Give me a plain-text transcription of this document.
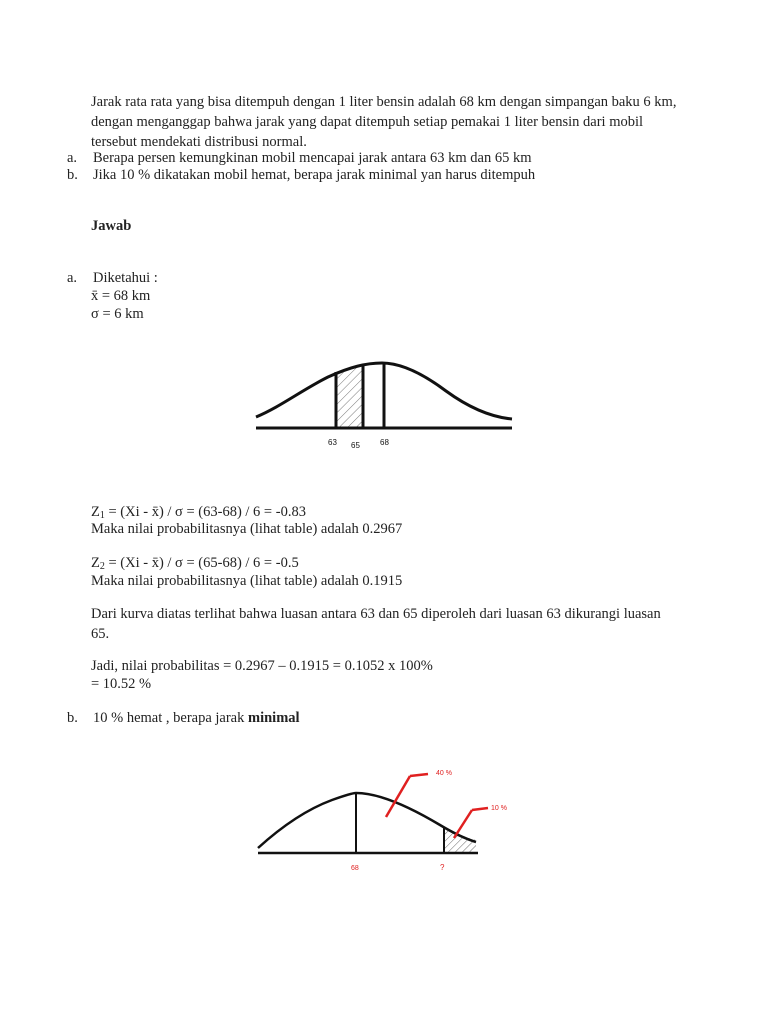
Jarak rata rata yang bisa ditempuh dengan 1 liter bensin adalah 68 km dengan simpangan baku 6 km, dengan menganggap bahwa jarak yang dapat ditempuh setiap pemakai 1 liter bensin dari mobil tersebut mendekati distribusi normal.
a. Berapa persen kemungkinan mobil mencapai jarak antara 63 km dan 65 km
b. Jika 10 % dikatakan mobil hemat, berapa jarak minimal yan harus ditempuh
Jawab
a. Diketahui :
x̄ = 68 km
σ = 6 km
63 65	68
$Z_1 = (Xi$ - x̄) / σ = (63-68) / 6 = -0.83
Maka nilai probabilitasnya (lihat table) adalah 0.2967
$Z_2 = (Xi$ - x̄) / σ = (65-68) / 6 = -0.5
Maka nilai probabilitasnya (lihat table) adalah 0.1915
Dari kurva diatas terlihat bahwa luasan antara 63 dan 65 diperoleh dari luasan 63 dikurangi luasan 65.
Jadi, nilai probabilitas = 0.2967 – 0.1915 = 0.1052 x 100%
= 10.52 %
b. 10 % hemat , berapa jarak minimal
40 %
10 %
68	?
